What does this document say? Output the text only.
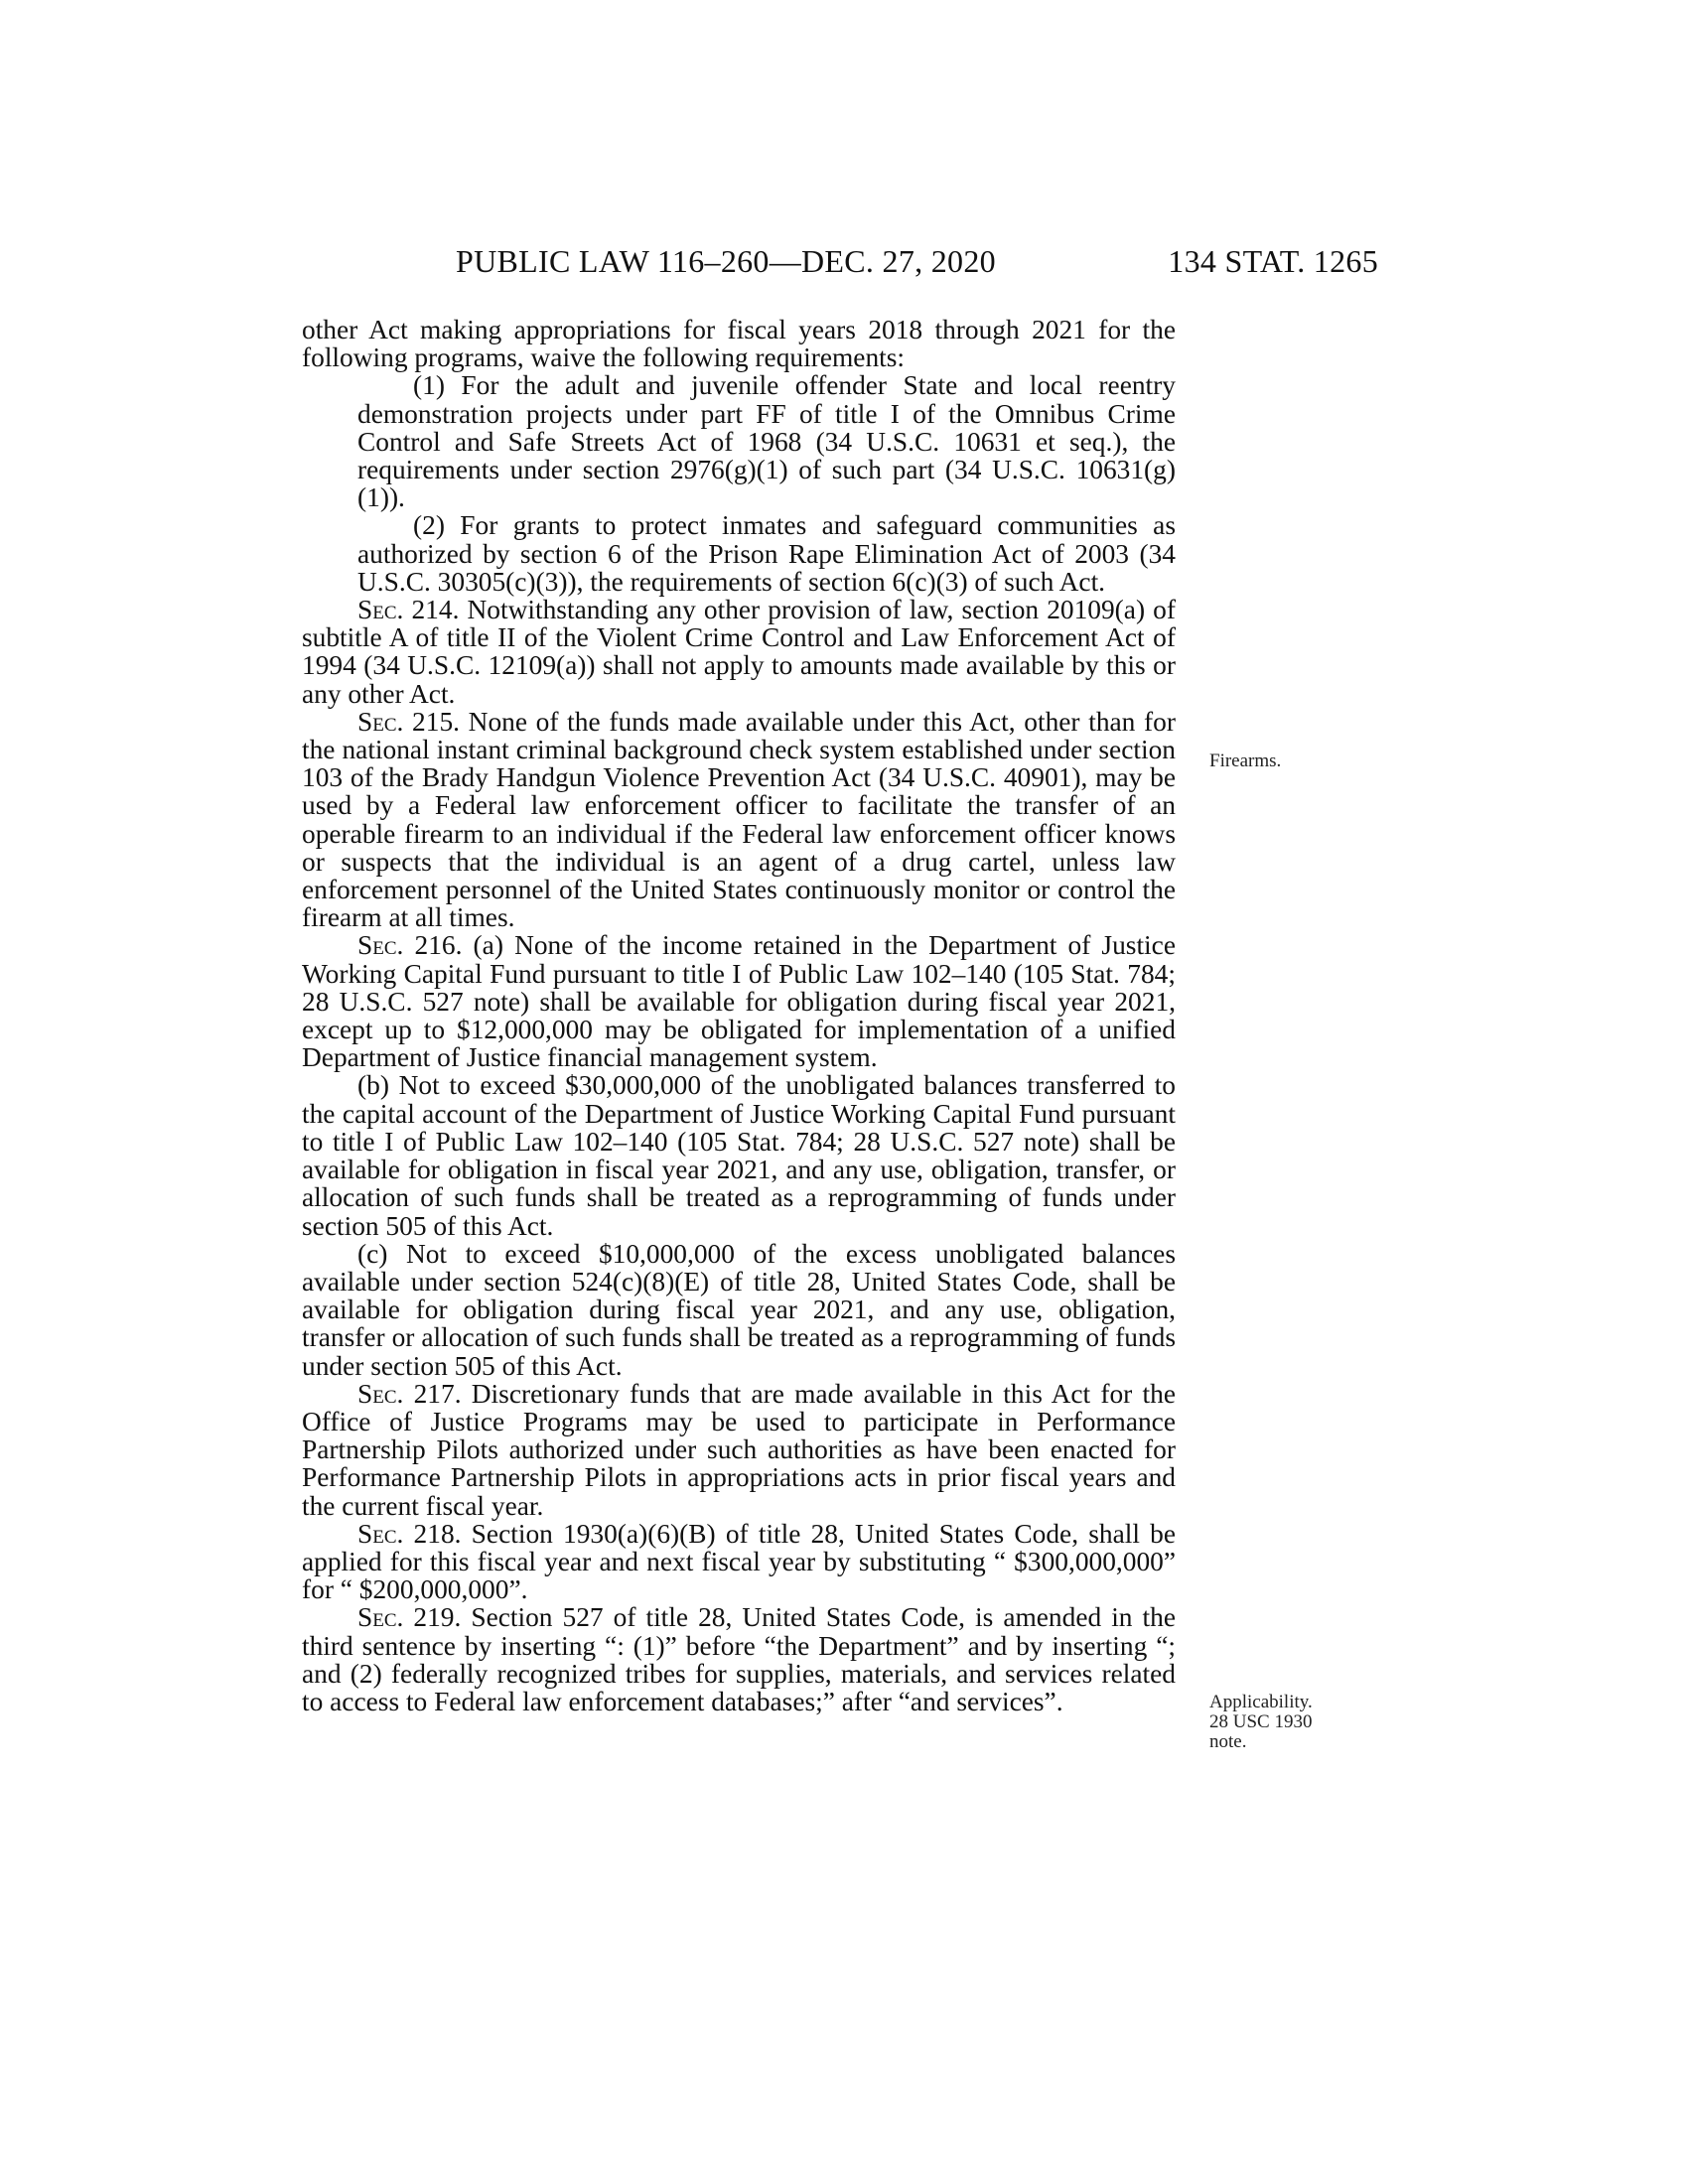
PUBLIC LAW 116–260—DEC. 27, 2020	134 STAT. 1265

other Act making appropriations for fiscal years 2018 through 2021 for the following programs, waive the following requirements:

(1) For the adult and juvenile offender State and local reentry demonstration projects under part FF of title I of the Omnibus Crime Control and Safe Streets Act of 1968 (34 U.S.C. 10631 et seq.), the requirements under section 2976(g)(1) of such part (34 U.S.C. 10631(g)(1)).

(2) For grants to protect inmates and safeguard communities as authorized by section 6 of the Prison Rape Elimination Act of 2003 (34 U.S.C. 30305(c)(3)), the requirements of section 6(c)(3) of such Act.

Sec. 214. Notwithstanding any other provision of law, section 20109(a) of subtitle A of title II of the Violent Crime Control and Law Enforcement Act of 1994 (34 U.S.C. 12109(a)) shall not apply to amounts made available by this or any other Act.

Sec. 215. None of the funds made available under this Act, other than for the national instant criminal background check system established under section 103 of the Brady Handgun Violence Prevention Act (34 U.S.C. 40901), may be used by a Federal law enforcement officer to facilitate the transfer of an operable firearm to an individual if the Federal law enforcement officer knows or suspects that the individual is an agent of a drug cartel, unless law enforcement personnel of the United States continuously monitor or control the firearm at all times.

Sec. 216. (a) None of the income retained in the Department of Justice Working Capital Fund pursuant to title I of Public Law 102–140 (105 Stat. 784; 28 U.S.C. 527 note) shall be available for obligation during fiscal year 2021, except up to $12,000,000 may be obligated for implementation of a unified Department of Justice financial management system.

(b) Not to exceed $30,000,000 of the unobligated balances transferred to the capital account of the Department of Justice Working Capital Fund pursuant to title I of Public Law 102–140 (105 Stat. 784; 28 U.S.C. 527 note) shall be available for obligation in fiscal year 2021, and any use, obligation, transfer, or allocation of such funds shall be treated as a reprogramming of funds under section 505 of this Act.

(c) Not to exceed $10,000,000 of the excess unobligated balances available under section 524(c)(8)(E) of title 28, United States Code, shall be available for obligation during fiscal year 2021, and any use, obligation, transfer or allocation of such funds shall be treated as a reprogramming of funds under section 505 of this Act.

Sec. 217. Discretionary funds that are made available in this Act for the Office of Justice Programs may be used to participate in Performance Partnership Pilots authorized under such authorities as have been enacted for Performance Partnership Pilots in appropriations acts in prior fiscal years and the current fiscal year.

Sec. 218. Section 1930(a)(6)(B) of title 28, United States Code, shall be applied for this fiscal year and next fiscal year by substituting “ $300,000,000” for “ $200,000,000”.

Sec. 219. Section 527 of title 28, United States Code, is amended in the third sentence by inserting “: (1)” before “the Department” and by inserting “; and (2) federally recognized tribes for supplies, materials, and services related to access to Federal law enforcement databases;” after “and services”.

Firearms.
Applicability.
28 USC 1930
note.
